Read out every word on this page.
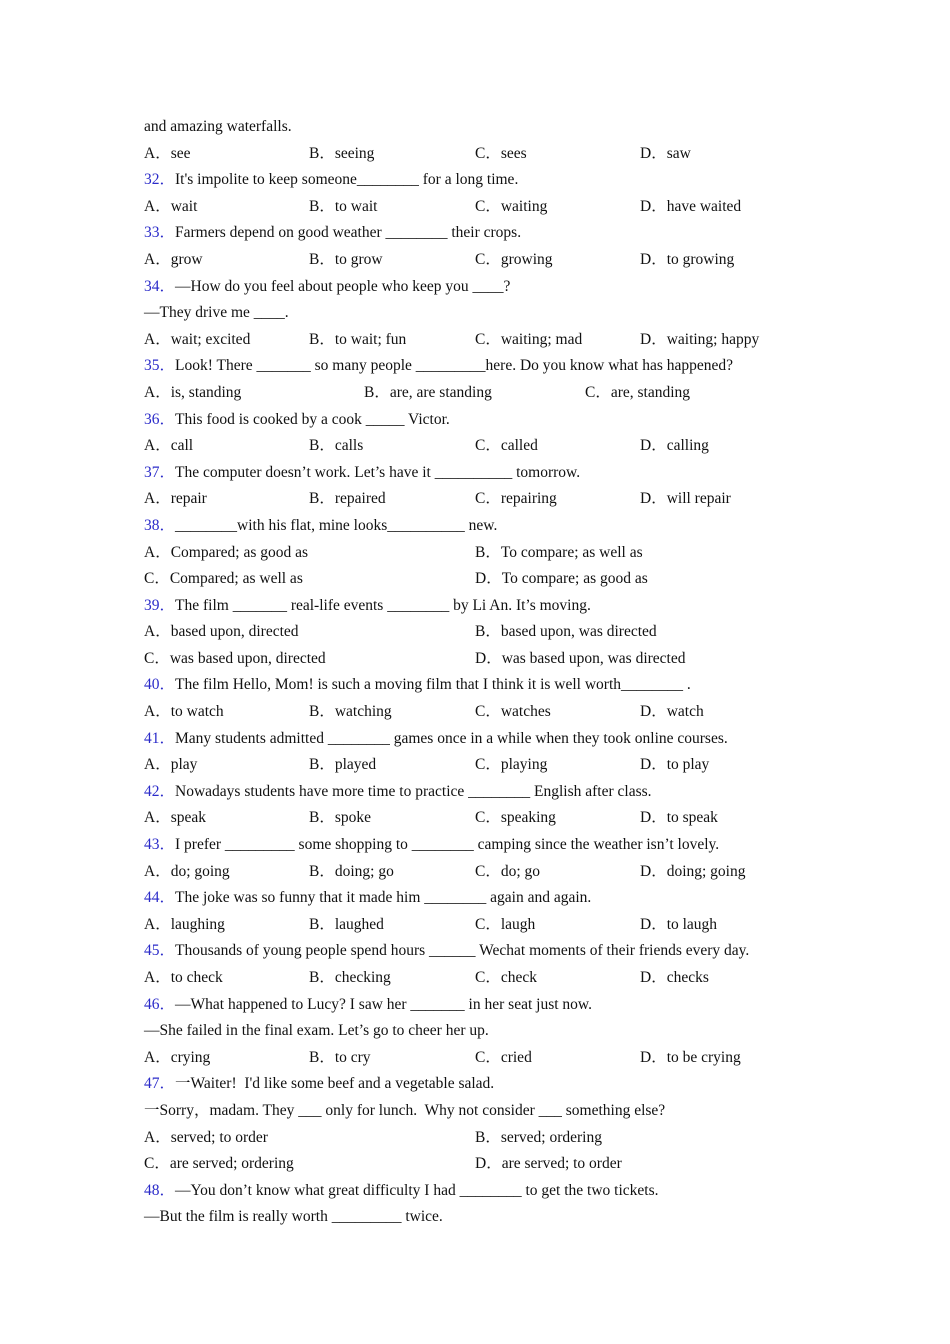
and amazing waterfalls.

A．see

	B．seeing

	C．sees

	D．saw

32．It's impolite to keep someone________ for a long time.

A．wait

	B．to wait

	C．waiting

	D．have waited

33．Farmers depend on good weather ________ their crops.

A．grow

	B．to grow

	C．growing

	D．to growing

34．—How do you feel about people who keep you ____?
—They drive me ____.

A．wait; excited

	B．to wait; fun

	C．waiting; mad

	D．waiting; happy

35．Look! There _______ so many people _________here. Do you know what has happened?

A．is, standing

	B．are, are standing

	C．are, standing

36．This food is cooked by a cook _____ Victor.

A．call

	B．calls

	C．called

	D．calling

37．The computer doesn’t work. Let’s have it __________ tomorrow.

A．repair

	B．repaired

	C．repairing

	D．will repair

38．________with his flat, mine looks__________ new.

A．Compared; as good as

	B．To compare; as well as

C．Compared; as well as

	D．To compare; as good as

39．The film _______ real-life events ________ by Li An. It’s moving.

A．based upon, directed

	B．based upon, was directed

C．was based upon, directed

	D．was based upon, was directed

40．The film Hello, Mom! is such a moving film that I think it is well worth________ .

A．to watch

	B．watching

	C．watches

	D．watch

41．Many students admitted ________ games once in a while when they took online courses.

A．play

	B．played

	C．playing

	D．to play

42．Nowadays students have more time to practice ________ English after class.

A．speak

	B．spoke

	C．speaking

	D．to speak

43．I prefer _________ some shopping to ________ camping since the weather isn’t lovely.

A．do; going

	B．doing; go

	C．do; go

	D．doing; going

44．The joke was so funny that it made him ________ again and again.

A．laughing

	B．laughed

	C．laugh

	D．to laugh

45．Thousands of young people spend hours ______ Wechat moments of their friends every day.

A．to check

	B．checking

	C．check

	D．checks

46．—What happened to Lucy? I saw her _______ in her seat just now.
—She failed in the final exam. Let’s go to cheer her up.

A．crying

	B．to cry

	C．cried

	D．to be crying

47．一Waiter!  I'd like some beef and a vegetable salad.
一Sorry，madam. They ___ only for lunch.  Why not consider ___ something else?

A．served; to order

	B．served; ordering

C．are served; ordering

	D．are served; to order

48．—You don’t know what great difficulty I had ________ to get the two tickets.
—But the film is really worth _________ twice.
